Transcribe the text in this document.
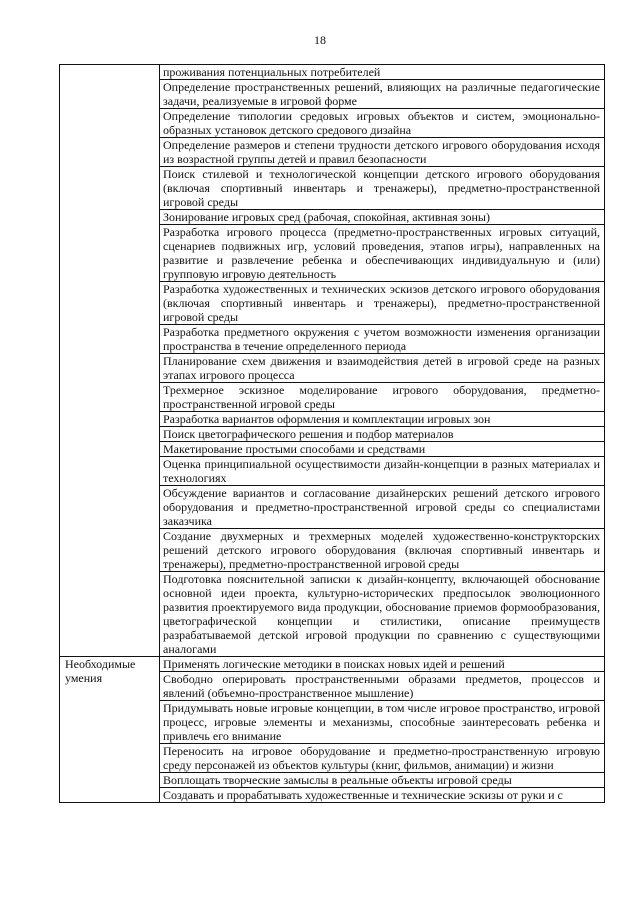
18
	проживания потенциальных потребителей
	Определение пространственных решений, влияющих на различные педагогические задачи, реализуемые в игровой форме
	Определение типологии средовых игровых объектов и систем, эмоционально-образных установок детского средового дизайна
	Определение размеров и степени трудности детского игрового оборудования исходя из возрастной группы детей и правил безопасности
	Поиск стилевой и технологической концепции детского игрового оборудования (включая спортивный инвентарь и тренажеры), предметно-пространственной игровой среды
	Зонирование игровых сред (рабочая, спокойная, активная зоны)
	Разработка игрового процесса (предметно-пространственных игровых ситуаций, сценариев подвижных игр, условий проведения, этапов игры), направленных на развитие и развлечение ребенка и обеспечивающих индивидуальную и (или) групповую игровую деятельность
	Разработка художественных и технических эскизов детского игрового оборудования (включая спортивный инвентарь и тренажеры), предметно-пространственной игровой среды
	Разработка предметного окружения с учетом возможности изменения организации пространства в течение определенного периода
	Планирование схем движения и взаимодействия детей в игровой среде на разных этапах игрового процесса
	Трехмерное эскизное моделирование игрового оборудования, предметно-пространственной игровой среды
	Разработка вариантов оформления и комплектации игровых зон
	Поиск цветографического решения и подбор материалов
	Макетирование простыми способами и средствами
	Оценка принципиальной осуществимости дизайн-концепции в разных материалах и технологиях
	Обсуждение вариантов и согласование дизайнерских решений детского игрового оборудования и предметно-пространственной игровой среды со специалистами заказчика
	Создание двухмерных и трехмерных моделей художественно-конструкторских решений детского игрового оборудования (включая спортивный инвентарь и тренажеры), предметно-пространственной игровой среды
	Подготовка пояснительной записки к дизайн-концепту, включающей обоснование основной идеи проекта, культурно-исторических предпосылок эволюционного развития проектируемого вида продукции, обоснование приемов формообразования, цветографической концепции и стилистики, описание преимуществ разрабатываемой детской игровой продукции по сравнению с существующими аналогами
Необходимые умения	Применять логические методики в поисках новых идей и решений
	Свободно оперировать пространственными образами предметов, процессов и явлений (объемно-пространственное мышление)
	Придумывать новые игровые концепции, в том числе игровое пространство, игровой процесс, игровые элементы и механизмы, способные заинтересовать ребенка и привлечь его внимание
	Переносить на игровое оборудование и предметно-пространственную игровую среду персонажей из объектов культуры (книг, фильмов, анимации) и жизни
	Воплощать творческие замыслы в реальные объекты игровой среды
	Создавать и прорабатывать художественные и технические эскизы от руки и с
